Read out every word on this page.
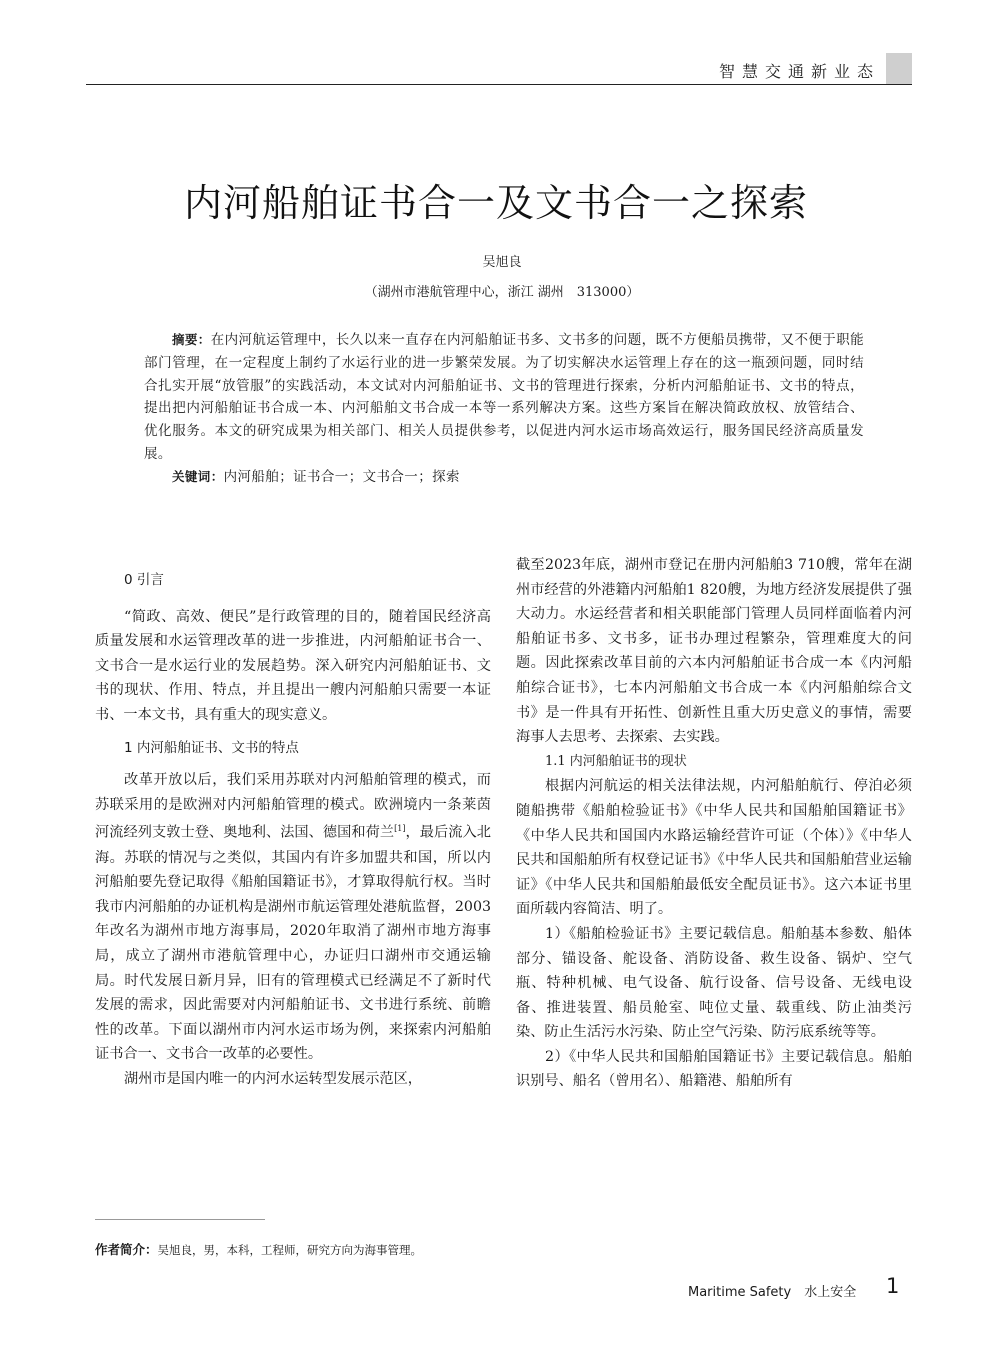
智慧交通新业态
内河船舶证书合一及文书合一之探索
吴旭良
（湖州市港航管理中心，浙江 湖州　313000）

摘要：在内河航运管理中，长久以来一直存在内河船舶证书多、文书多的问题，既不方便船员携带，又不便于职能部门管理，在一定程度上制约了水运行业的进一步繁荣发展。为了切实解决水运管理上存在的这一瓶颈问题，同时结合扎实开展“放管服”的实践活动，本文试对内河船舶证书、文书的管理进行探索，分析内河船舶证书、文书的特点，提出把内河船舶证书合成一本、内河船舶文书合成一本等一系列解决方案。这些方案旨在解决简政放权、放管结合、优化服务。本文的研究成果为相关部门、相关人员提供参考，以促进内河水运市场高效运行，服务国民经济高质量发展。

关键词：内河船舶；证书合一；文书合一；探索

0 引言

“简政、高效、便民”是行政管理的目的，随着国民经济高质量发展和水运管理改革的进一步推进，内河船舶证书合一、文书合一是水运行业的发展趋势。深入研究内河船舶证书、文书的现状、作用、特点，并且提出一艘内河船舶只需要一本证书、一本文书，具有重大的现实意义。

1 内河船舶证书、文书的特点

改革开放以后，我们采用苏联对内河船舶管理的模式，而苏联采用的是欧洲对内河船舶管理的模式。欧洲境内一条莱茵河流经列支敦士登、奥地利、法国、德国和荷兰[1]，最后流入北海。苏联的情况与之类似，其国内有许多加盟共和国，所以内河船舶要先登记取得《船舶国籍证书》，才算取得航行权。当时我市内河船舶的办证机构是湖州市航运管理处港航监督，2003年改名为湖州市地方海事局，2020年取消了湖州市地方海事局，成立了湖州市港航管理中心，办证归口湖州市交通运输局。时代发展日新月异，旧有的管理模式已经满足不了新时代发展的需求，因此需要对内河船舶证书、文书进行系统、前瞻性的改革。下面以湖州市内河水运市场为例，来探索内河船舶证书合一、文书合一改革的必要性。

湖州市是国内唯一的内河水运转型发展示范区，

截至2023年底，湖州市登记在册内河船舶3 710艘，常年在湖州市经营的外港籍内河船舶1 820艘，为地方经济发展提供了强大动力。水运经营者和相关职能部门管理人员同样面临着内河船舶证书多、文书多，证书办理过程繁杂，管理难度大的问题。因此探索改革目前的六本内河船舶证书合成一本《内河船舶综合证书》，七本内河船舶文书合成一本《内河船舶综合文书》是一件具有开拓性、创新性且重大历史意义的事情，需要海事人去思考、去探索、去实践。

1.1 内河船舶证书的现状

根据内河航运的相关法律法规，内河船舶航行、停泊必须随船携带《船舶检验证书》《中华人民共和国船舶国籍证书》《中华人民共和国国内水路运输经营许可证（个体）》《中华人民共和国船舶所有权登记证书》《中华人民共和国船舶营业运输证》《中华人民共和国船舶最低安全配员证书》。这六本证书里面所载内容简洁、明了。

1）《船舶检验证书》主要记载信息。船舶基本参数、船体部分、锚设备、舵设备、消防设备、救生设备、锅炉、空气瓶、特种机械、电气设备、航行设备、信号设备、无线电设备、推进装置、船员舱室、吨位丈量、载重线、防止油类污染、防止生活污水污染、防止空气污染、防污底系统等等。

2）《中华人民共和国船舶国籍证书》主要记载信息。船舶识别号、船名（曾用名）、船籍港、船舶所有

作者简介：吴旭良，男，本科，工程师，研究方向为海事管理。
Maritime Safety　水上安全 1
